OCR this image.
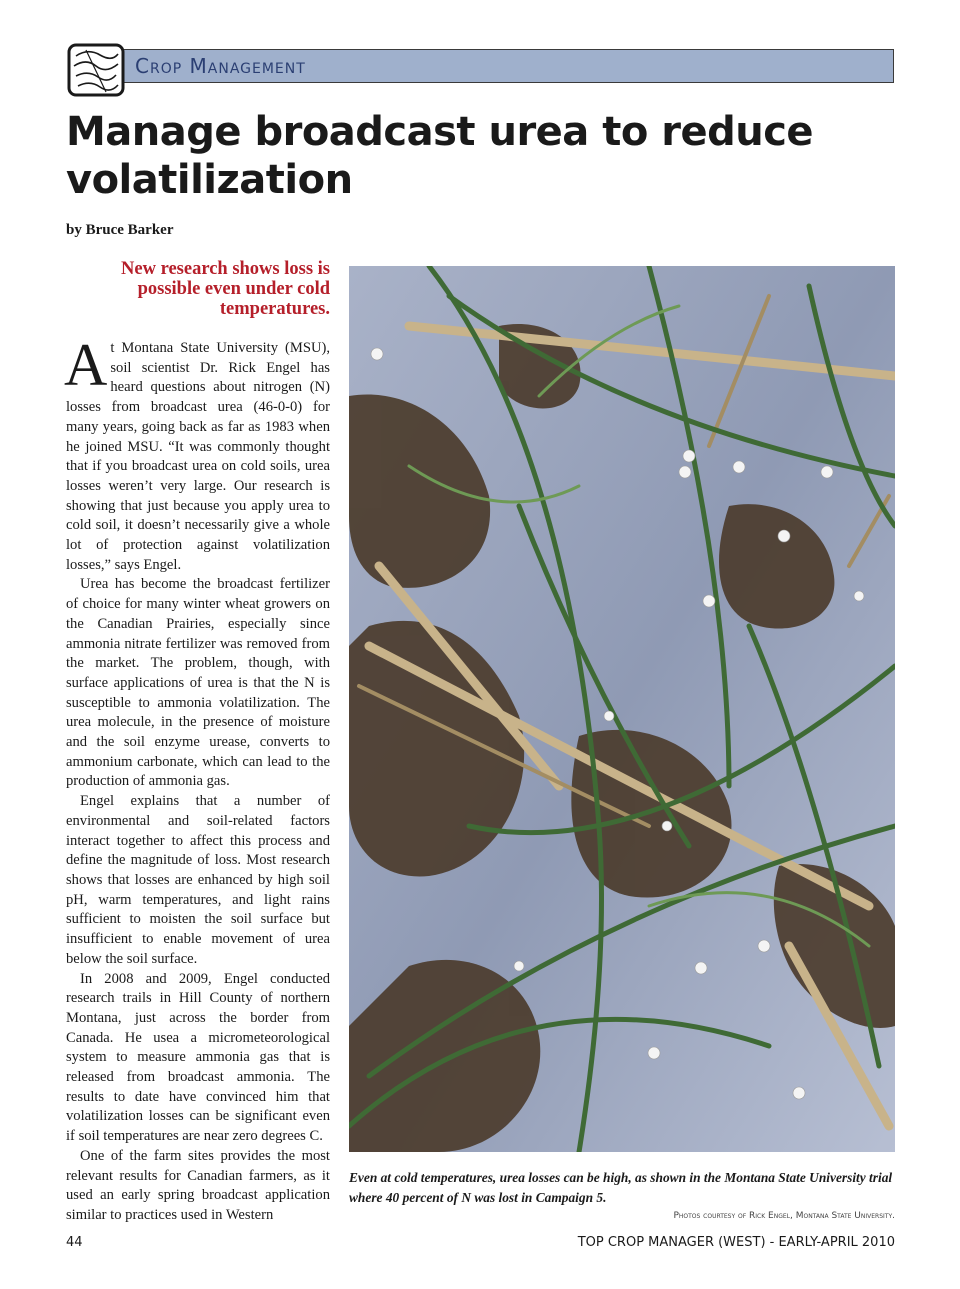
Crop Management
Manage broadcast urea to reduce volatilization
by Bruce Barker

New research shows loss is possible even under cold temperatures.

At Montana State University (MSU), soil scientist Dr. Rick Engel has heard questions about nitrogen (N) losses from broadcast urea (46-0-0) for many years, going back as far as 1983 when he joined MSU. “It was commonly thought that if you broadcast urea on cold soils, urea losses weren’t very large. Our research is showing that just because you apply urea to cold soil, it doesn’t necessarily give a whole lot of protection against volatilization losses,” says Engel.

Urea has become the broadcast fertilizer of choice for many winter wheat growers on the Canadian Prairies, especially since ammonia nitrate fertilizer was removed from the market. The problem, though, with surface applications of urea is that the N is susceptible to ammonia volatilization. The urea molecule, in the presence of moisture and the soil enzyme urease, converts to ammonium carbonate, which can lead to the production of ammonia gas.

Engel explains that a number of environmental and soil-related factors interact together to affect this process and define the magnitude of loss. Most research shows that losses are enhanced by high soil pH, warm temperatures, and light rains sufficient to moisten the soil surface but insufficient to enable movement of urea below the soil surface.

In 2008 and 2009, Engel conducted research trails in Hill County of northern Montana, just across the border from Canada. He usea a micrometeorological system to measure ammonia gas that is released from broadcast ammonia. The results to date have convinced him that volatilization losses can be significant even if soil temperatures are near zero degrees C.

One of the farm sites provides the most relevant results for Canadian farmers, as it used an early spring broadcast application similar to practices used in Western

Even at cold temperatures, urea losses can be high, as shown in the Montana State University trial where 40 percent of N was lost in Campaign 5.
Photos courtesy of Rick Engel, Montana State University.
44	TOP CROP MANAGER (WEST) - EARLY-APRIL 2010
